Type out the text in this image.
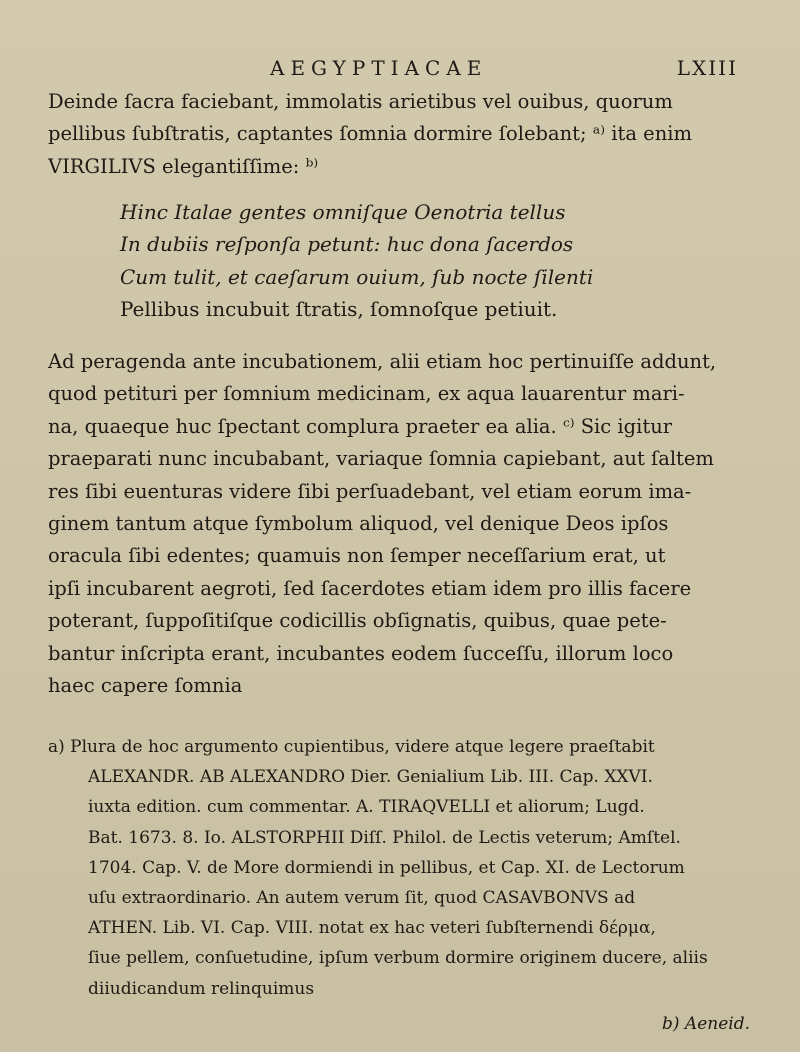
AEGYPTIACAE	LXIII
Deinde ſacra faciebant, immolatis arietibus vel ouibus, quorum
pellibus ſubſtratis, captantes ſomnia dormire ſolebant; ᵃ⁾ ita enim
VIRGILIVS elegantiſſime: ᵇ⁾
Hinc Italae gentes omniſque Oenotria tellus
In dubiis reſponſa petunt: huc dona ſacerdos
Cum tulit, et caeſarum ouium, ſub nocte ſilenti
Pellibus incubuit ſtratis, ſomnoſque petiuit.
Ad peragenda ante incubationem, alii etiam hoc pertinuiſſe addunt,
quod petituri per ſomnium medicinam, ex aqua lauarentur mari-
na, quaeque huc ſpectant complura praeter ea alia. ᶜ⁾ Sic igitur
praeparati nunc incubabant, variaque ſomnia capiebant, aut ſaltem
res ſibi euenturas videre ſibi perſuadebant, vel etiam eorum ima-
ginem tantum atque ſymbolum aliquod, vel denique Deos ipſos
oracula ſibi edentes; quamuis non ſemper neceſſarium erat, ut
ipſi incubarent aegroti, ſed ſacerdotes etiam idem pro illis facere
poterant, ſuppoſitiſque codicillis obſignatis, quibus, quae pete-
bantur inſcripta erant, incubantes eodem ſucceſſu, illorum loco
haec capere ſomnia
a) Plura de hoc argumento cupientibus, videre atque legere praeſtabit
ALEXANDR. AB ALEXANDRO Dier. Genialium Lib. III. Cap. XXVI.
iuxta edition. cum commentar. A. TIRAQVELLI et aliorum; Lugd.
Bat. 1673. 8. Io. ALSTORPHII Diſſ. Philol. de Lectis veterum; Amſtel.
1704. Cap. V. de More dormiendi in pellibus, et Cap. XI. de Lectorum
uſu extraordinario. An autem verum ſit, quod CASAVBONVS ad
ATHEN. Lib. VI. Cap. VIII. notat ex hac veteri ſubſternendi δέρμα,
ſiue pellem, conſuetudine, ipſum verbum dormire originem ducere, aliis
diiudicandum relinquimus
b) Aeneid.
